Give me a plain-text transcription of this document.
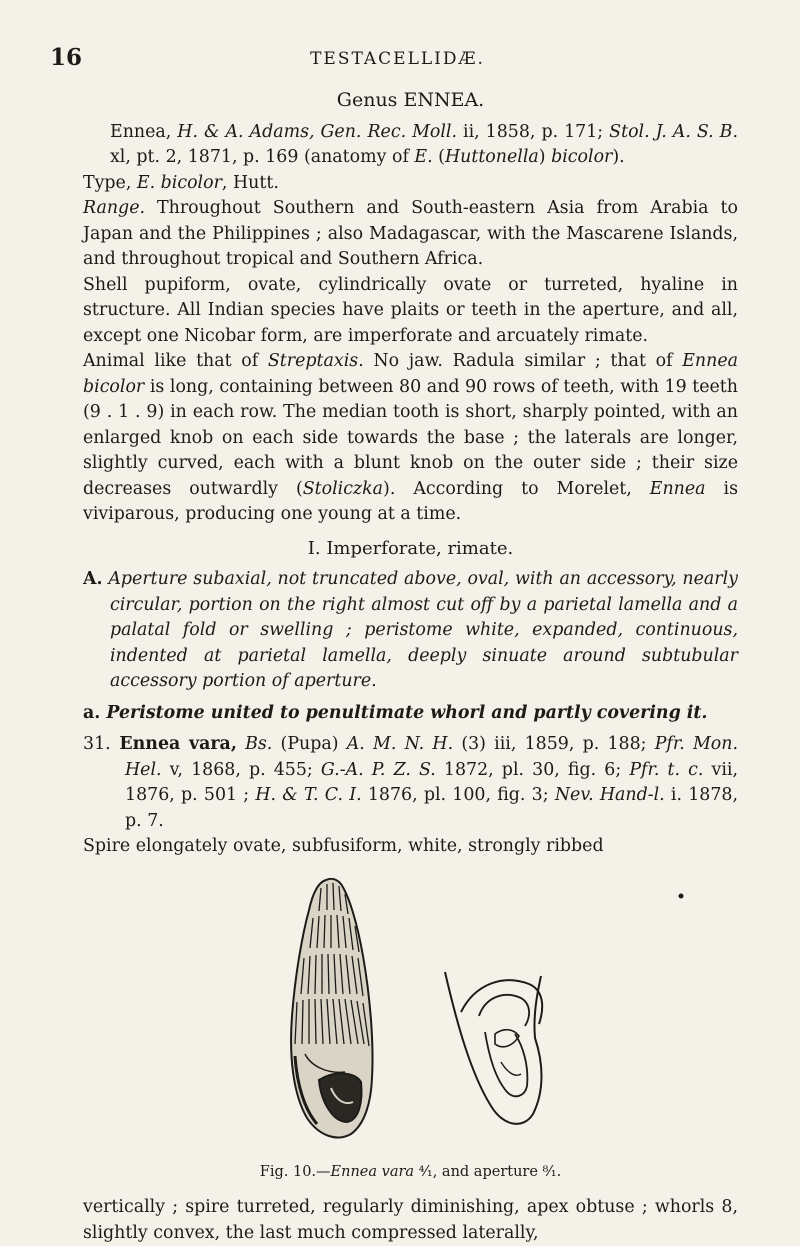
16	TESTACELLIDÆ.

Genus ENNEA.

Ennea, H. & A. Adams, Gen. Rec. Moll. ii, 1858, p. 171; Stol. J. A. S. B. xl, pt. 2, 1871, p. 169 (anatomy of E. (Huttonella) bicolor).

Type, E. bicolor, Hutt.

Range. Throughout Southern and South-eastern Asia from Arabia to Japan and the Philippines ; also Madagascar, with the Mascarene Islands, and throughout tropical and Southern Africa.

Shell pupiform, ovate, cylindrically ovate or turreted, hyaline in structure. All Indian species have plaits or teeth in the aperture, and all, except one Nicobar form, are imperforate and arcuately rimate.

Animal like that of Streptaxis. No jaw. Radula similar ; that of Ennea bicolor is long, containing between 80 and 90 rows of teeth, with 19 teeth (9 . 1 . 9) in each row. The median tooth is short, sharply pointed, with an enlarged knob on each side towards the base ; the laterals are longer, slightly curved, each with a blunt knob on the outer side ; their size decreases outwardly (Stoliczka). According to Morelet, Ennea is viviparous, producing one young at a time.

I. Imperforate, rimate.

A. Aperture subaxial, not truncated above, oval, with an accessory, nearly circular, portion on the right almost cut off by a parietal lamella and a palatal fold or swelling ; peristome white, expanded, continuous, indented at parietal lamella, deeply sinuate around subtubular accessory portion of aperture.

a. Peristome united to penultimate whorl and partly covering it.

31. Ennea vara, Bs. (Pupa) A. M. N. H. (3) iii, 1859, p. 188; Pfr. Mon. Hel. v, 1868, p. 455; G.-A. P. Z. S. 1872, pl. 30, fig. 6; Pfr. t. c. vii, 1876, p. 501 ; H. & T. C. I. 1876, pl. 100, fig. 3; Nev. Hand-l. i. 1878, p. 7.

Spire elongately ovate, subfusiform, white, strongly ribbed

Fig. 10.—Ennea vara ⁴⁄₁, and aperture ⁸⁄₁.

vertically ; spire turreted, regularly diminishing, apex obtuse ; whorls 8, slightly convex, the last much compressed laterally,
